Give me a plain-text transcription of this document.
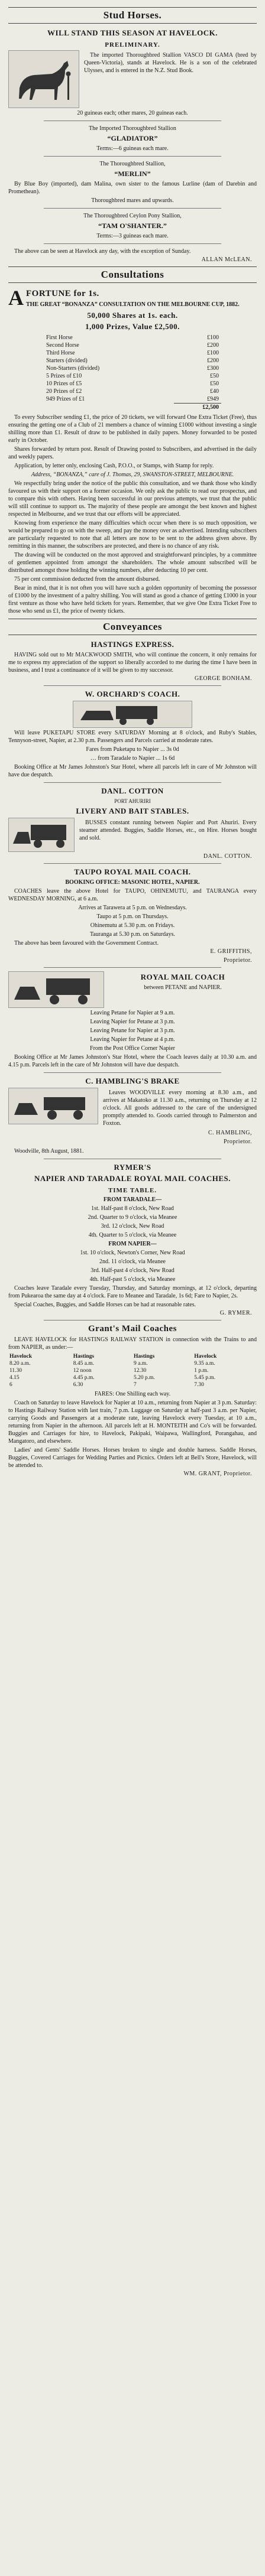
Stud Horses.
WILL STAND THIS SEASON AT HAVELOCK.
PRELIMINARY.
The imported Thoroughbred Stallion VASCO DI GAMA (bred by Queen-Victoria), stands at Havelock. He is a son of the celebrated Ulysses, and is entered in the N.Z. Stud Book.
20 guineas each; other mares, 20 guineas each.
The Imported Thoroughbred Stallion
“GLADIATOR”
Terms:—6 guineas each mare.
The Thoroughbred Stallion,
“MERLIN”
By Blue Boy (imported), dam Malina, own sister to the famous Lurline (dam of Darebin and Promethean).
Thoroughbred mares and upwards.
The Thoroughbred Ceylon Pony Stallion,
“TAM O'SHANTER.”
Terms:—3 guineas each mare.
The above can be seen at Havelock any day, with the exception of Sunday.
ALLAN McLEAN.
Consultations
A FORTUNE for 1s.
THE GREAT “BONANZA” CONSULTATION ON THE MELBOURNE CUP, 1882.
50,000 Shares at 1s. each.
1,000 Prizes, Value £2,500.
First Horse	£100
Second Horse	£200
Third Horse	£100
Starters (divided)	£200
Non-Starters (divided)	£300
5 Prizes of £10	£50
10 Prizes of £5	£50
20 Prizes of £2	£40
949 Prizes of £1	£949
	£2,500
To every Subscriber sending £1, the price of 20 tickets, we will forward One Extra Ticket (Free), thus ensuring the getting one of a Club of 21 members a chance of winning £1000 without investing a single shilling more than £1. Result of draw to be published in daily papers. Money forwarded to be posted early in October.
Shares forwarded by return post. Result of Drawing posted to Subscribers, and advertised in the daily and weekly papers.
Application, by letter only, enclosing Cash, P.O.O., or Stamps, with Stamp for reply.
Address, “BONANZA,” care of J. Thomas, 29, SWANSTON-STREET, MELBOURNE.
We respectfully bring under the notice of the public this consultation, and we thank those who kindly favoured us with their support on a former occasion. We only ask the public to read our prospectus, and to compare this with others. Having been successful in our previous attempts, we trust that the public will still continue to support us. The majority of these people are amongst the best known and highest respected in Melbourne, and we trust that our efforts will be appreciated.
Knowing from experience the many difficulties which occur when there is so much opposition, we would be prepared to go on with the sweep, and pay the money over as advertised. Intending subscribers are particularly requested to note that all letters are now to be sent to the address given above. By remitting in this manner, the subscribers are protected, and there is no chance of any risk.
The drawing will be conducted on the most approved and straightforward principles, by a committee of gentlemen appointed from amongst the shareholders. The whole amount subscribed will be distributed amongst those holding the winning numbers, after deducting 10 per cent.
75 per cent commission deducted from the amount disbursed.
Bear in mind, that it is not often you will have such a golden opportunity of becoming the possessor of £1000 by the investment of a paltry shilling. You will stand as good a chance of getting £1000 in your first venture as those who have held tickets for years. Remember, that we give One Extra Ticket Free to those who send us £1, the price of twenty tickets.
Conveyances
HASTINGS EXPRESS.
HAVING sold out to Mr MACKWOOD SMITH, who will continue the concern, it only remains for me to express my appreciation of the support so liberally accorded to me during the time I have been in business, and I trust a continuance of it will be given to my successor.
GEORGE BONHAM.
W. ORCHARD'S COACH.
Will leave PUKETAPU STORE every SATURDAY Morning at 8 o'clock, and Ruby's Stables, Tennyson-street, Napier, at 2.30 p.m. Passengers and Parcels carried at moderate rates.
Fares from Puketapu to Napier ... 3s 0d
… from Taradale to Napier ... 1s 6d
Booking Office at Mr James Johnston's Star Hotel, where all parcels left in care of Mr Johnston will have due despatch.
DANL. COTTON
PORT AHURIRI
LIVERY AND BAIT STABLES.
BUSSES constant running between Napier and Port Ahuriri. Every steamer attended. Buggies, Saddle Horses, etc., on Hire. Horses bought and sold.
DANL. COTTON.
TAUPO ROYAL MAIL COACH.
BOOKING OFFICE: MASONIC HOTEL, NAPIER.
COACHES leave the above Hotel for TAUPO, OHINEMUTU, and TAURANGA every WEDNESDAY MORNING, at 6 a.m.
Arrives at Tarawera at 5 p.m. on Wednesdays.
Taupo at 5 p.m. on Thursdays.
Ohinemutu at 5.30 p.m. on Fridays.
Tauranga at 5.30 p.m. on Saturdays.
The above has been favoured with the Government Contract.
E. GRIFFITHS,
Proprietor.
ROYAL MAIL COACH
between PETANE and NAPIER.
Leaving Petane for Napier at 9 a.m.
Leaving Napier for Petane at 3 p.m.
Leaving Petane for Napier at 3 p.m.
Leaving Napier for Petane at 4 p.m.
From the Post Office Corner Napier
Booking Office at Mr James Johnston's Star Hotel, where the Coach leaves daily at 10.30 a.m. and 4.15 p.m. Parcels left in the care of Mr Johnston will have due despatch.
C. HAMBLING'S BRAKE
Leaves WOODVILLE every morning at 8.30 a.m., and arrives at Makatoko at 11.30 a.m., returning on Thursday at 12 o'clock. All goods addressed to the care of the undersigned promptly attended to. Goods carried through to Palmerston and Foxton.
C. HAMBLING,
Proprietor.
Woodville, 8th August, 1881.
RYMER'S
NAPIER AND TARADALE ROYAL MAIL COACHES.
TIME TABLE.
FROM TARADALE—
1st. Half-past 8 o'clock, New Road
2nd. Quarter to 9 o'clock, via Meanee
3rd. 12 o'clock, New Road
4th. Quarter to 5 o'clock, via Meanee
FROM NAPIER—
1st. 10 o'clock, Newton's Corner, New Road
2nd. 11 o'clock, via Meanee
3rd. Half-past 4 o'clock, New Road
4th. Half-past 5 o'clock, via Meanee
Coaches leave Taradale every Tuesday, Thursday, and Saturday mornings, at 12 o'clock, departing from Pukearoa the same day at 4 o'clock. Fare to Meanee and Taradale, 1s 6d; Fare to Napier, 2s.
Special Coaches, Buggies, and Saddle Horses can be had at reasonable rates.
G. RYMER.
Grant's Mail Coaches
LEAVE HAVELOCK for HASTINGS RAILWAY STATION in connection with the Trains to and from NAPIER, as under:—
Havelock	Hastings	Hastings	Havelock
8.20 a.m.	8.45 a.m.	9 a.m.	9.35 a.m.
11.30	12 noon	12.30	1 p.m.
4.15	4.45 p.m.	5.20 p.m.	5.45 p.m.
6	6.30	7	7.30
FARES: One Shilling each way.
Coach on Saturday to leave Havelock for Napier at 10 a.m., returning from Napier at 3 p.m. Saturday: to Hastings Railway Station with last train, 7 p.m. Luggage on Saturday at half-past 3 a.m. per Napier, carrying Goods and Passengers at a moderate rate, leaving Havelock every Tuesday, at 10 a.m., returning from Napier in the afternoon. All parcels left at H. MONTEITH and Co's will be forwarded. Buggies and Carriages for hire, to Havelock, Pakipaki, Waipawa, Wallingford, Porangahau, and Mangatoro, and elsewhere.
Ladies' and Gents' Saddle Horses. Horses broken to single and double harness. Saddle Horses, Buggies, Covered Carriages for Wedding Parties and Picnics. Orders left at Bell's Store, Havelock, will be attended to.
WM. GRANT, Proprietor.
